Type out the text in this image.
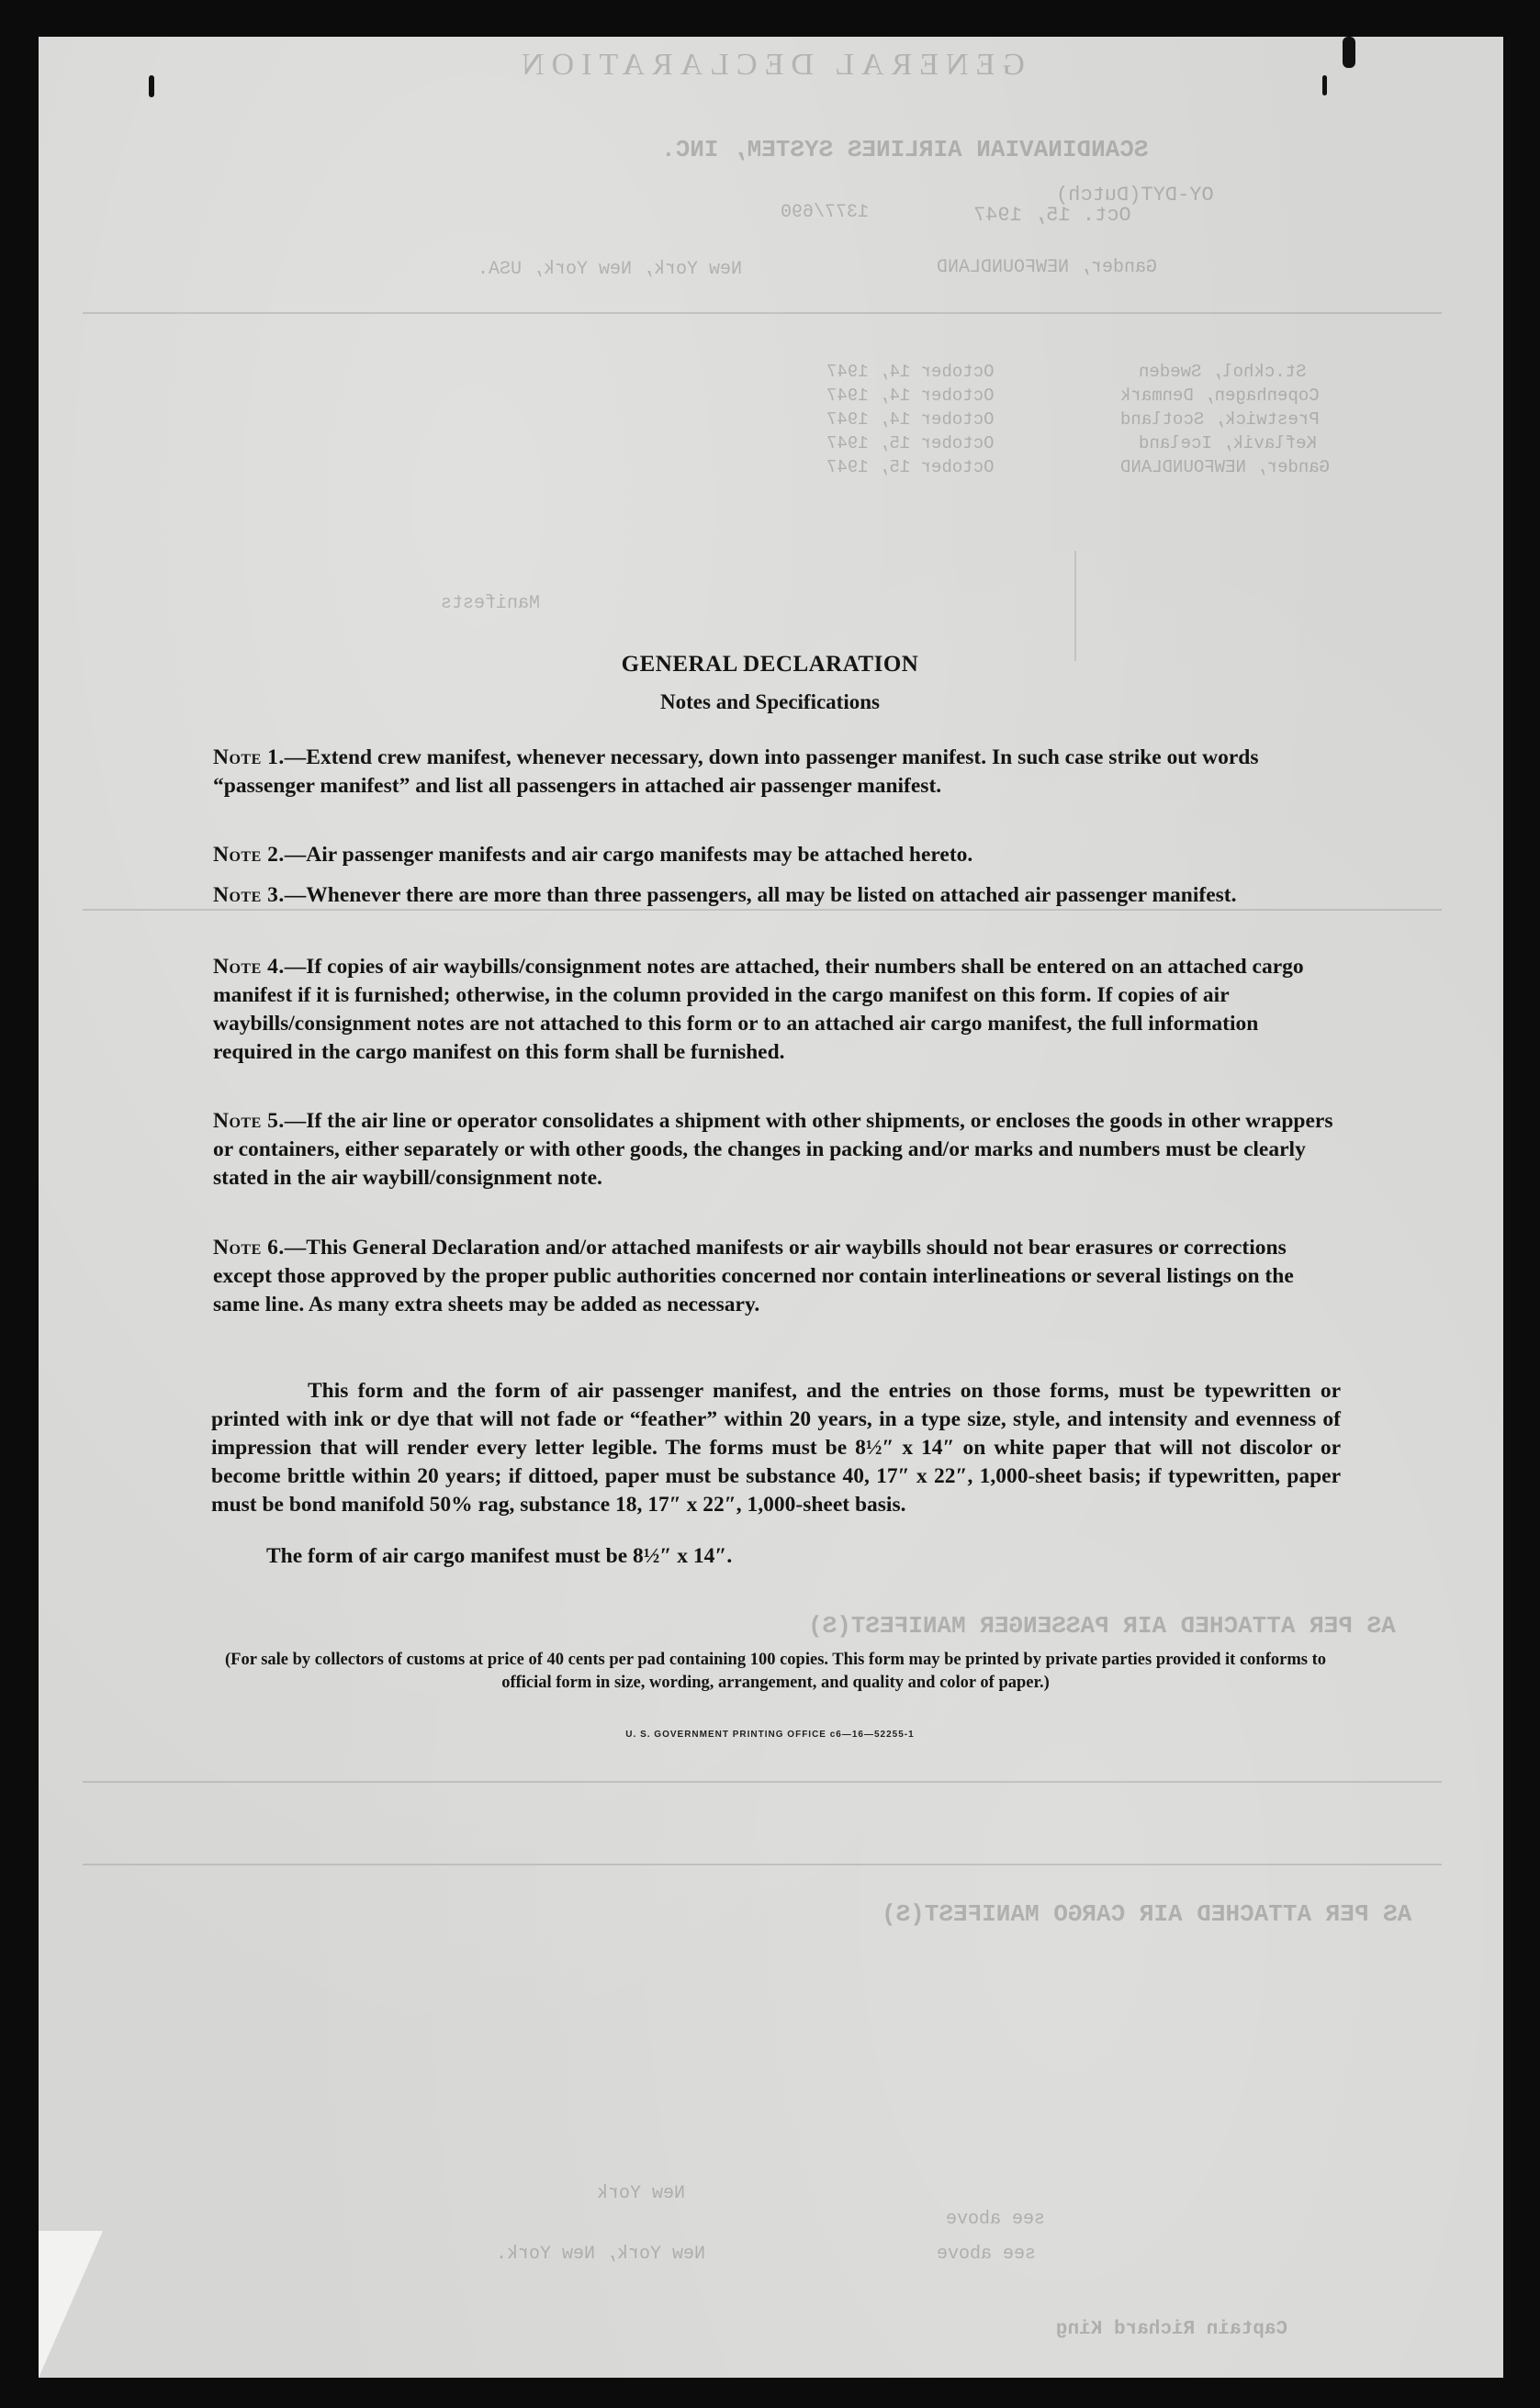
GENERAL DECLARATION
SCANDINAVIAN AIRLINES SYSTEM, INC.
OY-DYT(Dutch)
1377/690	Oct. 15, 1947
Gander, NEWFOUNDLAND
New York, New York, USA.
St.ckhol, Sweden
October 14, 1947
Copenhagen, Denmark
October 14, 1947
Prestwick, Scotland
October 14, 1947
Keflavik, Iceland
October 15, 1947
Gander, NEWFOUNDLAND
October 15, 1947
Manifests
AS PER ATTACHED AIR PASSENGER MANIFEST(S)
AS PER ATTACHED AIR CARGO MANIFEST(S)
New York
see above
New York, New York.	see above
Captain Richard King
GENERAL DECLARATION
Notes and Specifications
Note 1.—Extend crew manifest, whenever necessary, down into passenger manifest. In such case strike out words “passenger manifest” and list all passengers in attached air passenger manifest.
Note 2.—Air passenger manifests and air cargo manifests may be attached hereto.
Note 3.—Whenever there are more than three passengers, all may be listed on attached air passenger manifest.
Note 4.—If copies of air waybills/consignment notes are attached, their numbers shall be entered on an attached cargo manifest if it is furnished; otherwise, in the column provided in the cargo manifest on this form. If copies of air waybills/consignment notes are not attached to this form or to an attached air cargo manifest, the full information required in the cargo manifest on this form shall be furnished.
Note 5.—If the air line or operator consolidates a shipment with other shipments, or encloses the goods in other wrappers or containers, either separately or with other goods, the changes in packing and/or marks and numbers must be clearly stated in the air waybill/consignment note.
Note 6.—This General Declaration and/or attached manifests or air waybills should not bear erasures or corrections except those approved by the proper public authorities concerned nor contain interlineations or several listings on the same line. As many extra sheets may be added as necessary.
This form and the form of air passenger manifest, and the entries on those forms, must be typewritten or printed with ink or dye that will not fade or “feather” within 20 years, in a type size, style, and intensity and evenness of impression that will render every letter legible. The forms must be 8½″ x 14″ on white paper that will not discolor or become brittle within 20 years; if dittoed, paper must be substance 40, 17″ x 22″, 1,000-sheet basis; if typewritten, paper must be bond manifold 50% rag, substance 18, 17″ x 22″, 1,000-sheet basis.
The form of air cargo manifest must be 8½″ x 14″.
(For sale by collectors of customs at price of 40 cents per pad containing 100 copies. This form may be printed by private parties provided it conforms to official form in size, wording, arrangement, and quality and color of paper.)
U. S. GOVERNMENT PRINTING OFFICE c6—16—52255-1
